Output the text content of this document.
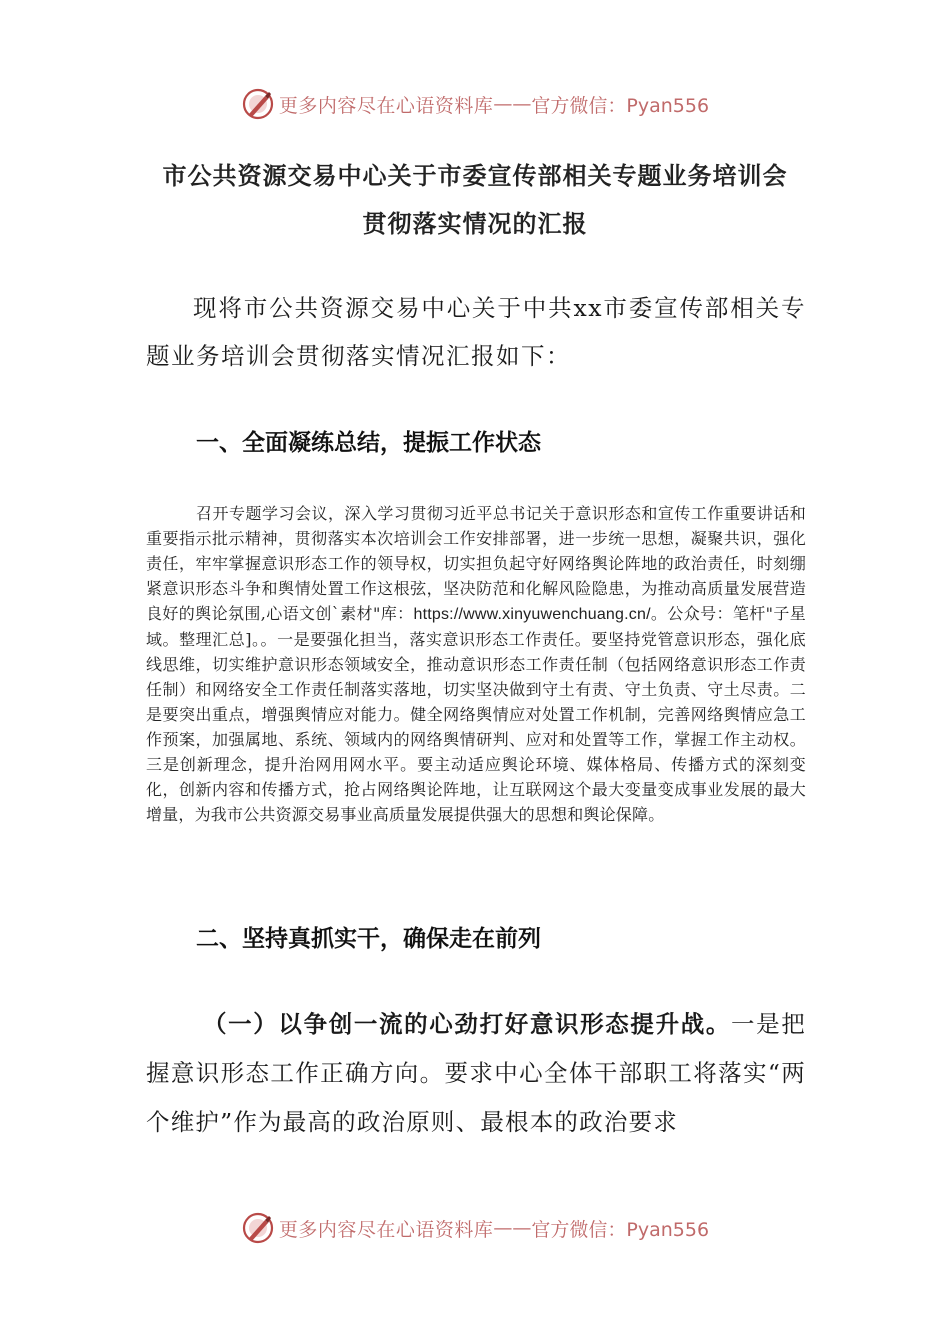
更多内容尽在心语资料库 —— 官方微信：Pyan556
市公共资源交易中心关于市委宣传部相关专题业务培训会
贯彻落实情况的汇报

现将市公共资源交易中心关于中共xx市委宣传部相关专题业务培训会贯彻落实情况汇报如下：

一、全面凝练总结，提振工作状态

召开专题学习会议，深入学习贯彻习近平总书记关于意识形态和宣传工作重要讲话和重要指示批示精神，贯彻落实本次培训会工作安排部署，进一步统一思想，凝聚共识，强化责任，牢牢掌握意识形态工作的领导权，切实担负起守好网络舆论阵地的政治责任，时刻绷紧意识形态斗争和舆情处置工作这根弦，坚决防范和化解风险隐患，为推动高质量发展营造良好的舆论氛围,心语文创`素材"库：https://www.xinyuwenchuang.cn/。公众号：笔杆"子星域。整理汇总]。。一是要强化担当，落实意识形态工作责任。要坚持党管意识形态，强化底线思维，切实维护意识形态领域安全，推动意识形态工作责任制（包括网络意识形态工作责任制）和网络安全工作责任制落实落地，切实坚决做到守土有责、守土负责、守土尽责。二是要突出重点，增强舆情应对能力。健全网络舆情应对处置工作机制，完善网络舆情应急工作预案，加强属地、系统、领域内的网络舆情研判、应对和处置等工作，掌握工作主动权。三是创新理念，提升治网用网水平。要主动适应舆论环境、媒体格局、传播方式的深刻变化，创新内容和传播方式，抢占网络舆论阵地，让互联网这个最大变量变成事业发展的最大增量，为我市公共资源交易事业高质量发展提供强大的思想和舆论保障。

二、坚持真抓实干，确保走在前列

（一）以争创一流的心劲打好意识形态提升战。一是把握意识形态工作正确方向。要求中心全体干部职工将落实“两个维护”作为最高的政治原则、最根本的政治要求

更多内容尽在心语资料库 —— 官方微信：Pyan556
